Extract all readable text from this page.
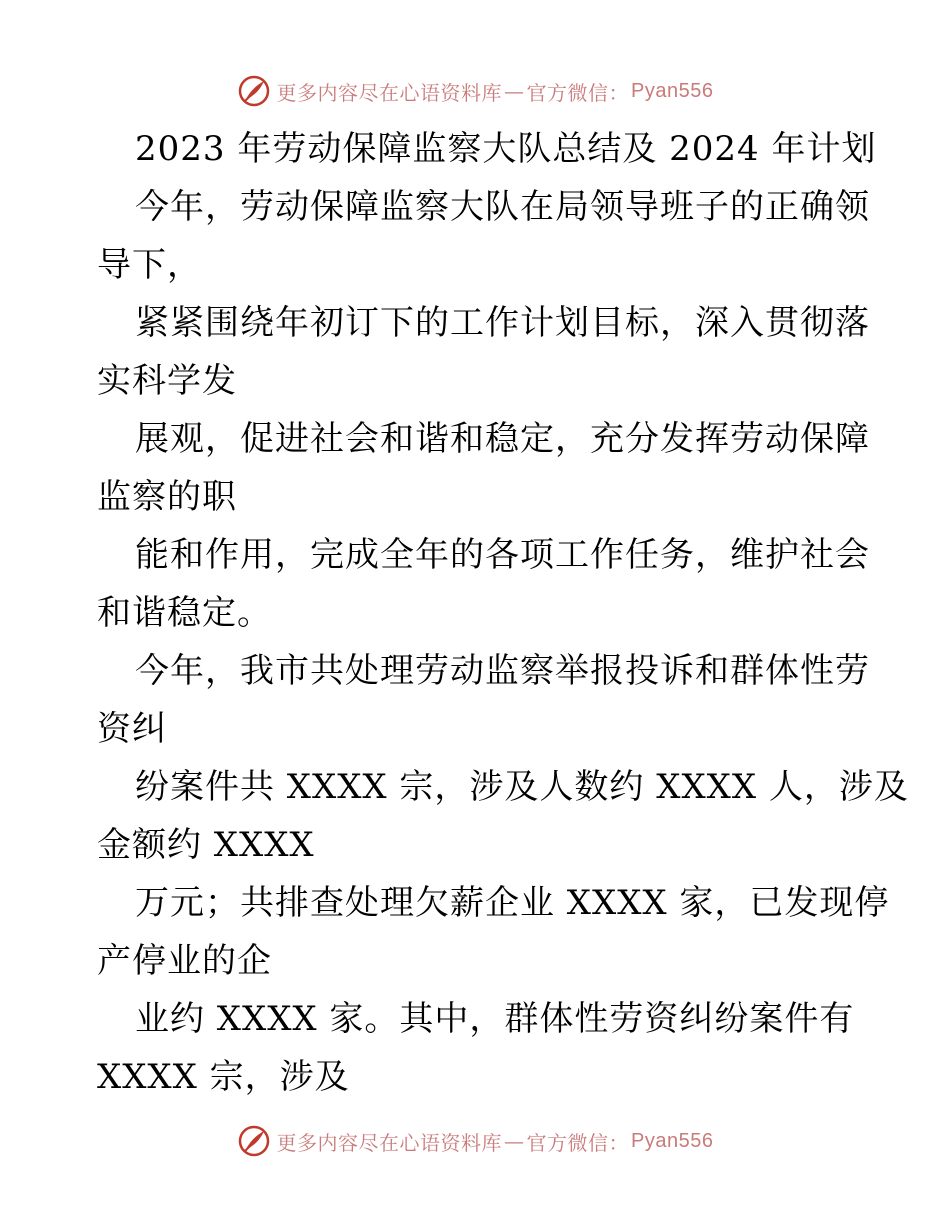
更多内容尽在心语资料库 — 官方微信： Pyan556
2023 年劳动保障监察大队总结及 2024 年计划
今年，劳动保障监察大队在局领导班子的正确领
导下，
紧紧围绕年初订下的工作计划目标，深入贯彻落
实科学发
展观，促进社会和谐和稳定，充分发挥劳动保障
监察的职
能和作用，完成全年的各项工作任务，维护社会
和谐稳定。
今年，我市共处理劳动监察举报投诉和群体性劳
资纠
纷案件共 XXXX 宗，涉及人数约 XXXX 人，涉及
金额约 XXXX
万元；共排查处理欠薪企业 XXXX 家，已发现停
产停业的企
业约 XXXX 家。其中，群体性劳资纠纷案件有
XXXX 宗，涉及
更多内容尽在心语资料库 — 官方微信： Pyan556
